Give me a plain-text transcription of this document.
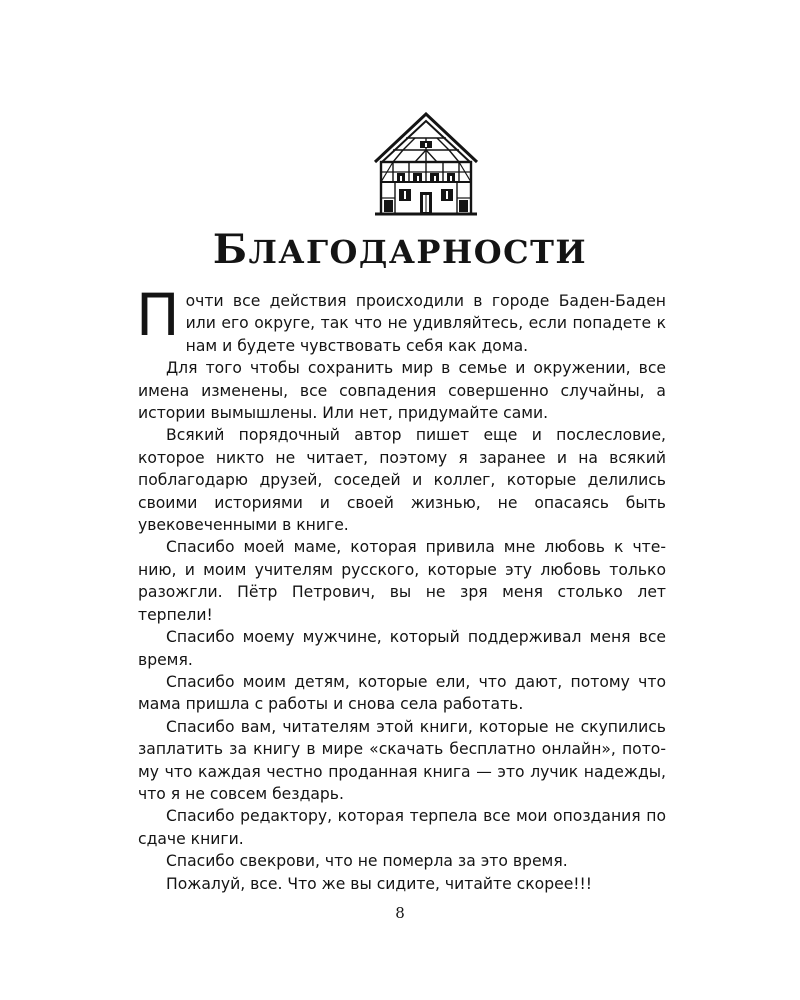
БЛАГОДАРНОСТИ

Почти все действия происходили в городе Баден-Баден или его округе, так что не удивляйтесь, если попадете к нам и будете чувствовать себя как дома.

Для того чтобы сохранить мир в семье и окружении, все имена изменены, все совпадения совершенно случайны, а истории вымышлены. Или нет, придумайте сами.

Всякий порядочный автор пишет еще и послесловие, которое никто не читает, поэтому я заранее и на всякий поблагодарю друзей, соседей и коллег, которые делились своими историями и своей жизнью, не опасаясь быть увековеченными в книге.

Спасибо моей маме, которая привила мне любовь к чтению, и моим учителям русского, которые эту любовь только разожгли. Пётр Петрович, вы не зря меня столько лет терпели!

Спасибо моему мужчине, который поддерживал меня все время.

Спасибо моим детям, которые ели, что дают, потому что мама пришла с работы и снова села работать.

Спасибо вам, читателям этой книги, которые не скупились заплатить за книгу в мире «скачать бесплатно онлайн», потому что каждая честно проданная книга — это лучик надежды, что я не совсем бездарь.

Спасибо редактору, которая терпела все мои опоздания по сдаче книги.

Спасибо свекрови, что не померла за это время.

Пожалуй, все. Что же вы сидите, читайте скорее!!!

8
